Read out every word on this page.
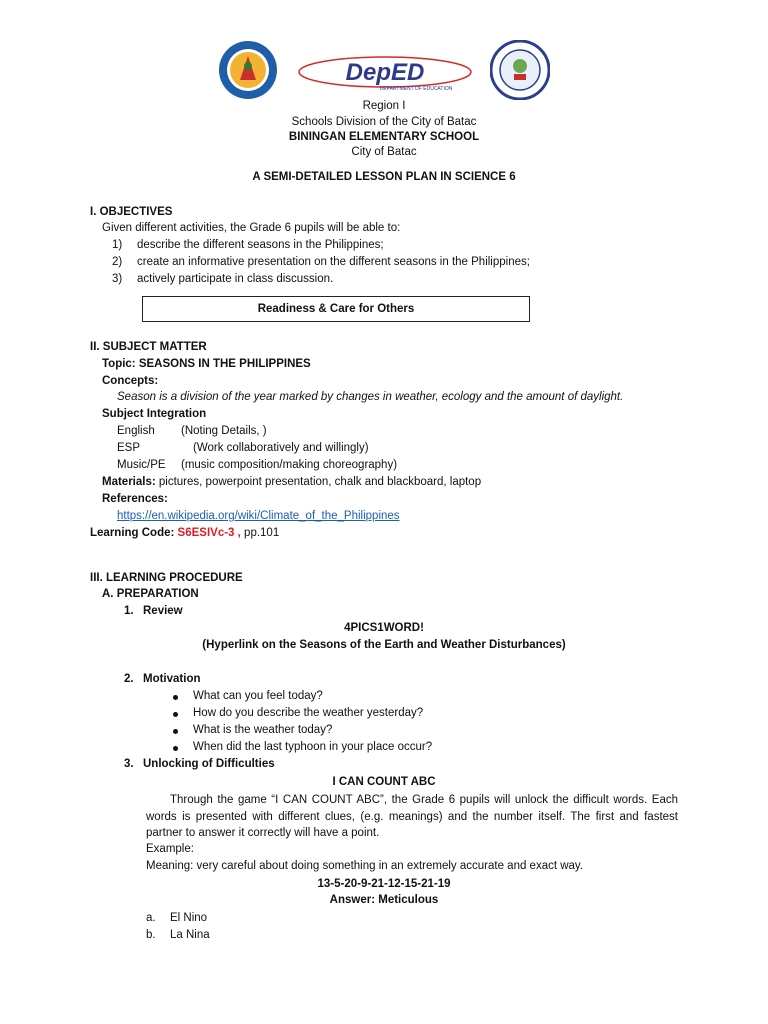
DepED
DEPARTMENT OF EDUCATION
Region I
Schools Division of the City of Batac
BININGAN ELEMENTARY SCHOOL
City of Batac
A SEMI-DETAILED LESSON PLAN IN SCIENCE 6
I. OBJECTIVES
Given different activities, the Grade 6 pupils will be able to:
1) describe the different seasons in the Philippines;
2) create an informative presentation on the different seasons in the Philippines;
3) actively participate in class discussion.
Readiness & Care for Others
II. SUBJECT MATTER
Topic: SEASONS IN THE PHILIPPINES
Concepts:
Season is a division of the year marked by changes in weather, ecology and the amount of daylight.
Subject Integration
English (Noting Details, )
ESP	(Work collaboratively and willingly)
Music/PE (music composition/making choreography)
Materials: pictures, powerpoint presentation, chalk and blackboard, laptop
References:
https://en.wikipedia.org/wiki/Climate_of_the_Philippines
Learning Code: S6ESIVc-3 , pp.101
III. LEARNING PROCEDURE
A. PREPARATION
1. Review
4PICS1WORD!
(Hyperlink on the Seasons of the Earth and Weather Disturbances)
2. Motivation
What can you feel today?
How do you describe the weather yesterday?
What is the weather today?
When did the last typhoon in your place occur?
3. Unlocking of Difficulties
I CAN COUNT ABC
Through the game “I CAN COUNT ABC”, the Grade 6 pupils will unlock the difficult words. Each words is presented with different clues, (e.g. meanings) and the number itself. The first and fastest partner to answer it correctly will have a point.
Example:
Meaning: very careful about doing something in an extremely accurate and exact way.
13-5-20-9-21-12-15-21-19
Answer: Meticulous
a. El Nino
b. La Nina
